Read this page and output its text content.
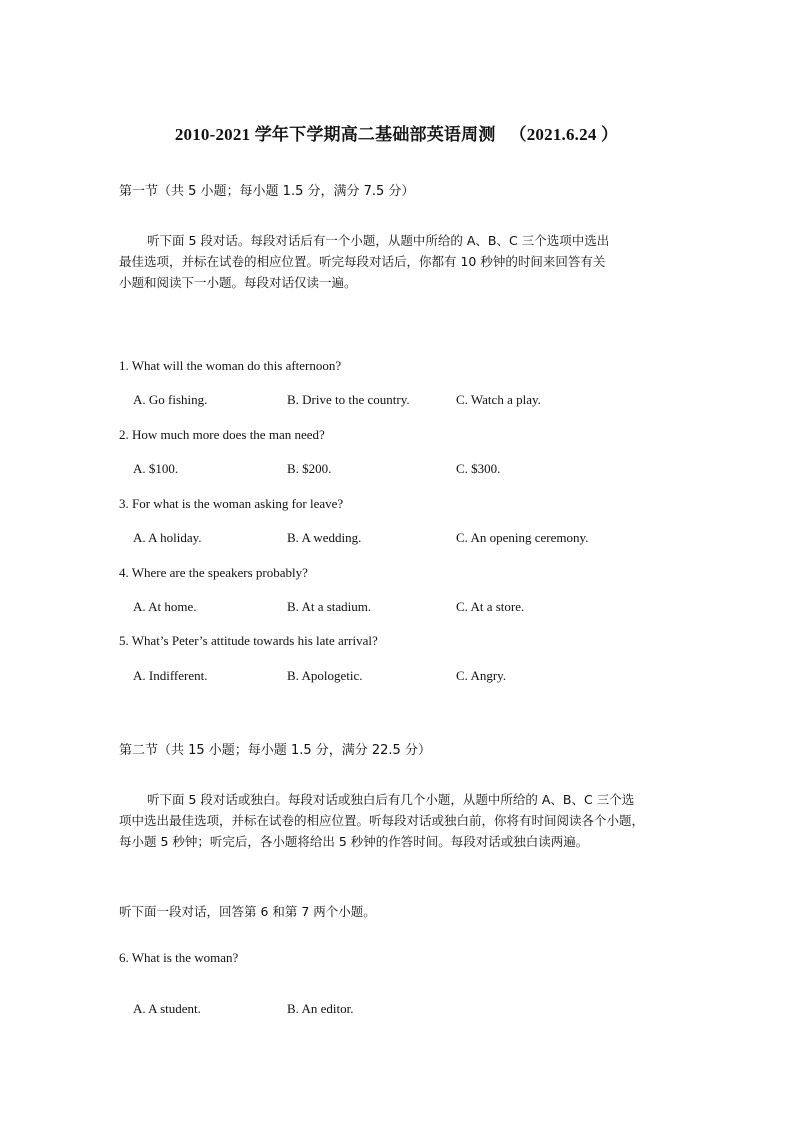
2010-2021 学年下学期高二基础部英语周测 （2021.6.24 ）
第一节（共 5 小题；每小题 1.5 分，满分 7.5 分）
听下面 5 段对话。每段对话后有一个小题，从题中所给的 A、B、C 三个选项中选出
最佳选项，并标在试卷的相应位置。听完每段对话后，你都有 10 秒钟的时间来回答有关
小题和阅读下一小题。每段对话仅读一遍。
1. What will the woman do this afternoon?
A. Go fishing.	B. Drive to the country.	C. Watch a play.
2. How much more does the man need?
A. $100.	B. $200.	C. $300.
3. For what is the woman asking for leave?
A. A holiday.	B. A wedding.	C. An opening ceremony.
4. Where are the speakers probably?
A. At home.	B. At a stadium.	C. At a store.
5. What’s Peter’s attitude towards his late arrival?
A. Indifferent.	B. Apologetic.	C. Angry.
第二节（共 15 小题；每小题 1.5 分，满分 22.5 分）
听下面 5 段对话或独白。每段对话或独白后有几个小题，从题中所给的 A、B、C 三个选
项中选出最佳选项，并标在试卷的相应位置。听每段对话或独白前，你将有时间阅读各个小题，
每小题 5 秒钟；听完后，各小题将给出 5 秒钟的作答时间。每段对话或独白读两遍。
听下面一段对话，回答第 6 和第 7 两个小题。
6. What is the woman?
A. A student.	B. An editor.
